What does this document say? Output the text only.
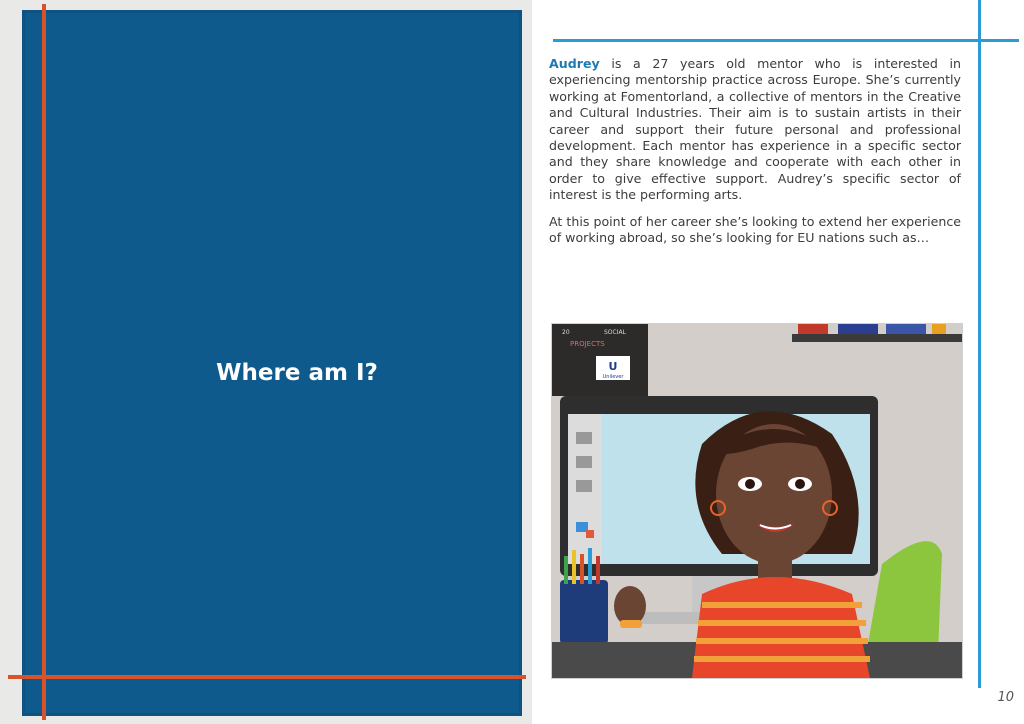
Where am I?

Audrey is a 27 years old mentor who is interested in experiencing mentorship practice across Europe. She’s currently working at Fomentorland, a collective of mentors in the Creative and Cultural Industries. Their aim is to sustain artists in their career and support their future personal and professional development. Each mentor has experience in a specific sector and they share knowledge and cooperate with each other in order to give effective support. Audrey’s specific sector of interest is the performing arts.

At this point of her career she’s looking to extend her experience of working abroad, so she’s looking for EU nations such as…

PROJECTS
SOCIAL
20
U
Unilever
10
